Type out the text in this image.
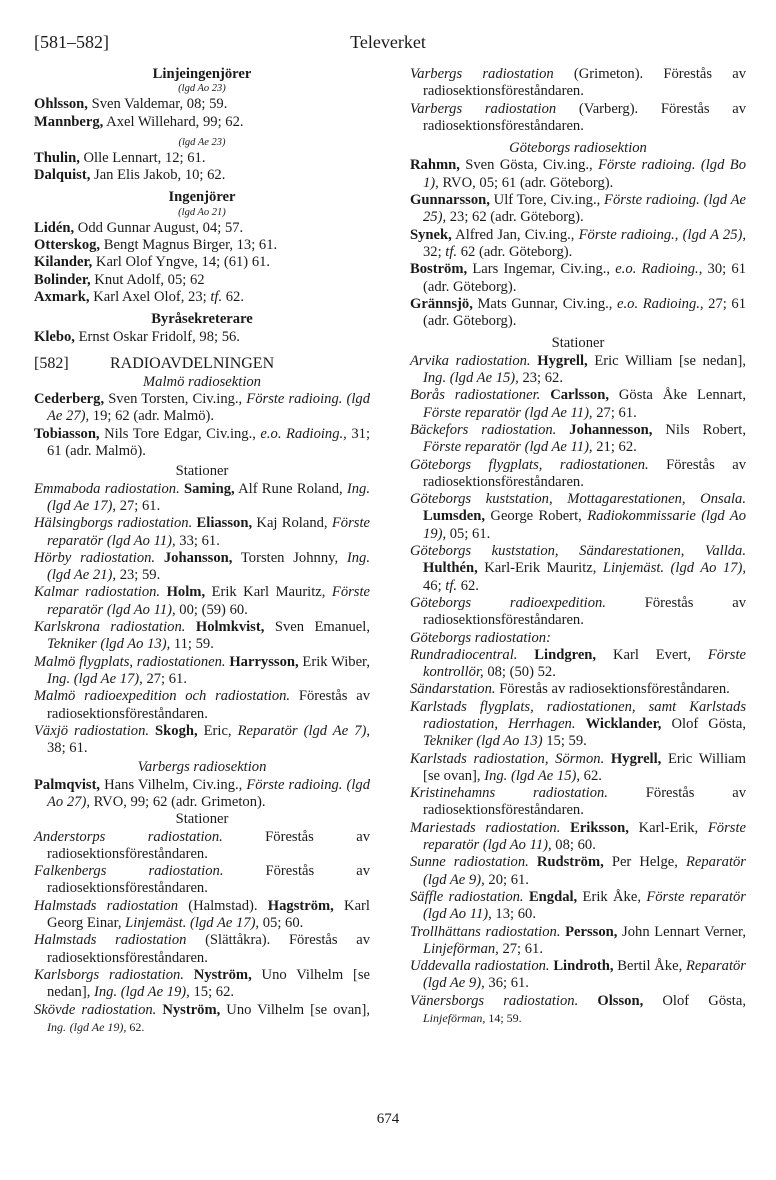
Televerket
[581–582]
Linjeingenjörer
(lgd Ao 23)
Ohlsson, Sven Valdemar, 08; 59.
Mannberg, Axel Willehard, 99; 62.
(lgd Ae 23)
Thulin, Olle Lennart, 12; 61.
Dalquist, Jan Elis Jakob, 10; 62.
Ingenjörer
(lgd Ao 21)
Lidén, Odd Gunnar August, 04; 57.
Otterskog, Bengt Magnus Birger, 13; 61.
Kilander, Karl Olof Yngve, 14; (61) 61.
Bolinder, Knut Adolf, 05; 62
Axmark, Karl Axel Olof, 23; tf. 62.
Byråsekreterare
Klebo, Ernst Oskar Fridolf, 98; 56.
[582]	RADIOAVDELNINGEN
Malmö radiosektion
Cederberg, Sven Torsten, Civ.ing., Förste radioing. (lgd Ae 27), 19; 62 (adr. Malmö).
Tobiasson, Nils Tore Edgar, Civ.ing., e.o. Radioing., 31; 61 (adr. Malmö).
Stationer
Emmaboda radiostation. Saming, Alf Rune Roland, Ing. (lgd Ae 17), 27; 61.
Hälsingborgs radiostation. Eliasson, Kaj Roland, Förste reparatör (lgd Ao 11), 33; 61.
Hörby radiostation. Johansson, Torsten Johnny, Ing. (lgd Ae 21), 23; 59.
Kalmar radiostation. Holm, Erik Karl Mauritz, Förste reparatör (lgd Ao 11), 00; (59) 60.
Karlskrona radiostation. Holmkvist, Sven Emanuel, Tekniker (lgd Ao 13), 11; 59.
Malmö flygplats, radiostationen. Harrysson, Erik Wiber, Ing. (lgd Ae 17), 27; 61.
Malmö radioexpedition och radiostation. Förestås av radiosektionsföreståndaren.
Växjö radiostation. Skogh, Eric, Reparatör (lgd Ae 7), 38; 61.
Varbergs radiosektion
Palmqvist, Hans Vilhelm, Civ.ing., Förste radioing. (lgd Ao 27), RVO, 99; 62 (adr. Grimeton).
Stationer
Anderstorps radiostation. Förestås av radiosektionsföreståndaren.
Falkenbergs radiostation. Förestås av radiosektionsföreståndaren.
Halmstads radiostation (Halmstad). Hagström, Karl Georg Einar, Linjemäst. (lgd Ae 17), 05; 60.
Halmstads radiostation (Slättåkra). Förestås av radiosektionsföreståndaren.
Karlsborgs radiostation. Nyström, Uno Vilhelm [se nedan], Ing. (lgd Ae 19), 15; 62.
Skövde radiostation. Nyström, Uno Vilhelm [se ovan], Ing. (lgd Ae 19), 62.
Varbergs radiostation (Grimeton). Förestås av radiosektionsföreståndaren.
Varbergs radiostation (Varberg). Förestås av radiosektionsföreståndaren.
Göteborgs radiosektion
Rahmn, Sven Gösta, Civ.ing., Förste radioing. (lgd Bo 1), RVO, 05; 61 (adr. Göteborg).
Gunnarsson, Ulf Tore, Civ.ing., Förste radioing. (lgd Ae 25), 23; 62 (adr. Göteborg).
Synek, Alfred Jan, Civ.ing., Förste radioing., (lgd A 25), 32; tf. 62 (adr. Göteborg).
Boström, Lars Ingemar, Civ.ing., e.o. Radioing., 30; 61 (adr. Göteborg).
Grännsjö, Mats Gunnar, Civ.ing., e.o. Radioing., 27; 61 (adr. Göteborg).
Stationer
Arvika radiostation. Hygrell, Eric William [se nedan], Ing. (lgd Ae 15), 23; 62.
Borås radiostationer. Carlsson, Gösta Åke Lennart, Förste reparatör (lgd Ae 11), 27; 61.
Bäckefors radiostation. Johannesson, Nils Robert, Förste reparatör (lgd Ae 11), 21; 62.
Göteborgs flygplats, radiostationen. Förestås av radiosektionsföreståndaren.
Göteborgs kuststation, Mottagarestationen, Onsala. Lumsden, George Robert, Radiokommissarie (lgd Ao 19), 05; 61.
Göteborgs kuststation, Sändarestationen, Vallda. Hulthén, Karl-Erik Mauritz, Linjemäst. (lgd Ao 17), 46; tf. 62.
Göteborgs radioexpedition. Förestås av radiosektionsföreståndaren.
Göteborgs radiostation:
Rundradiocentral. Lindgren, Karl Evert, Förste kontrollör, 08; (50) 52.
Sändarstation. Förestås av radiosektionsföreståndaren.
Karlstads flygplats, radiostationen, samt Karlstads radiostation, Herrhagen. Wicklander, Olof Gösta, Tekniker (lgd Ao 13) 15; 59.
Karlstads radiostation, Sörmon. Hygrell, Eric William [se ovan], Ing. (lgd Ae 15), 62.
Kristinehamns radiostation. Förestås av radiosektionsföreståndaren.
Mariestads radiostation. Eriksson, Karl-Erik, Förste reparatör (lgd Ao 11), 08; 60.
Sunne radiostation. Rudström, Per Helge, Reparatör (lgd Ae 9), 20; 61.
Säffle radiostation. Engdal, Erik Åke, Förste reparatör (lgd Ao 11), 13; 60.
Trollhättans radiostation. Persson, John Lennart Verner, Linjeförman, 27; 61.
Uddevalla radiostation. Lindroth, Bertil Åke, Reparatör (lgd Ae 9), 36; 61.
Vänersborgs radiostation. Olsson, Olof Gösta, Linjeförman, 14; 59.
674
